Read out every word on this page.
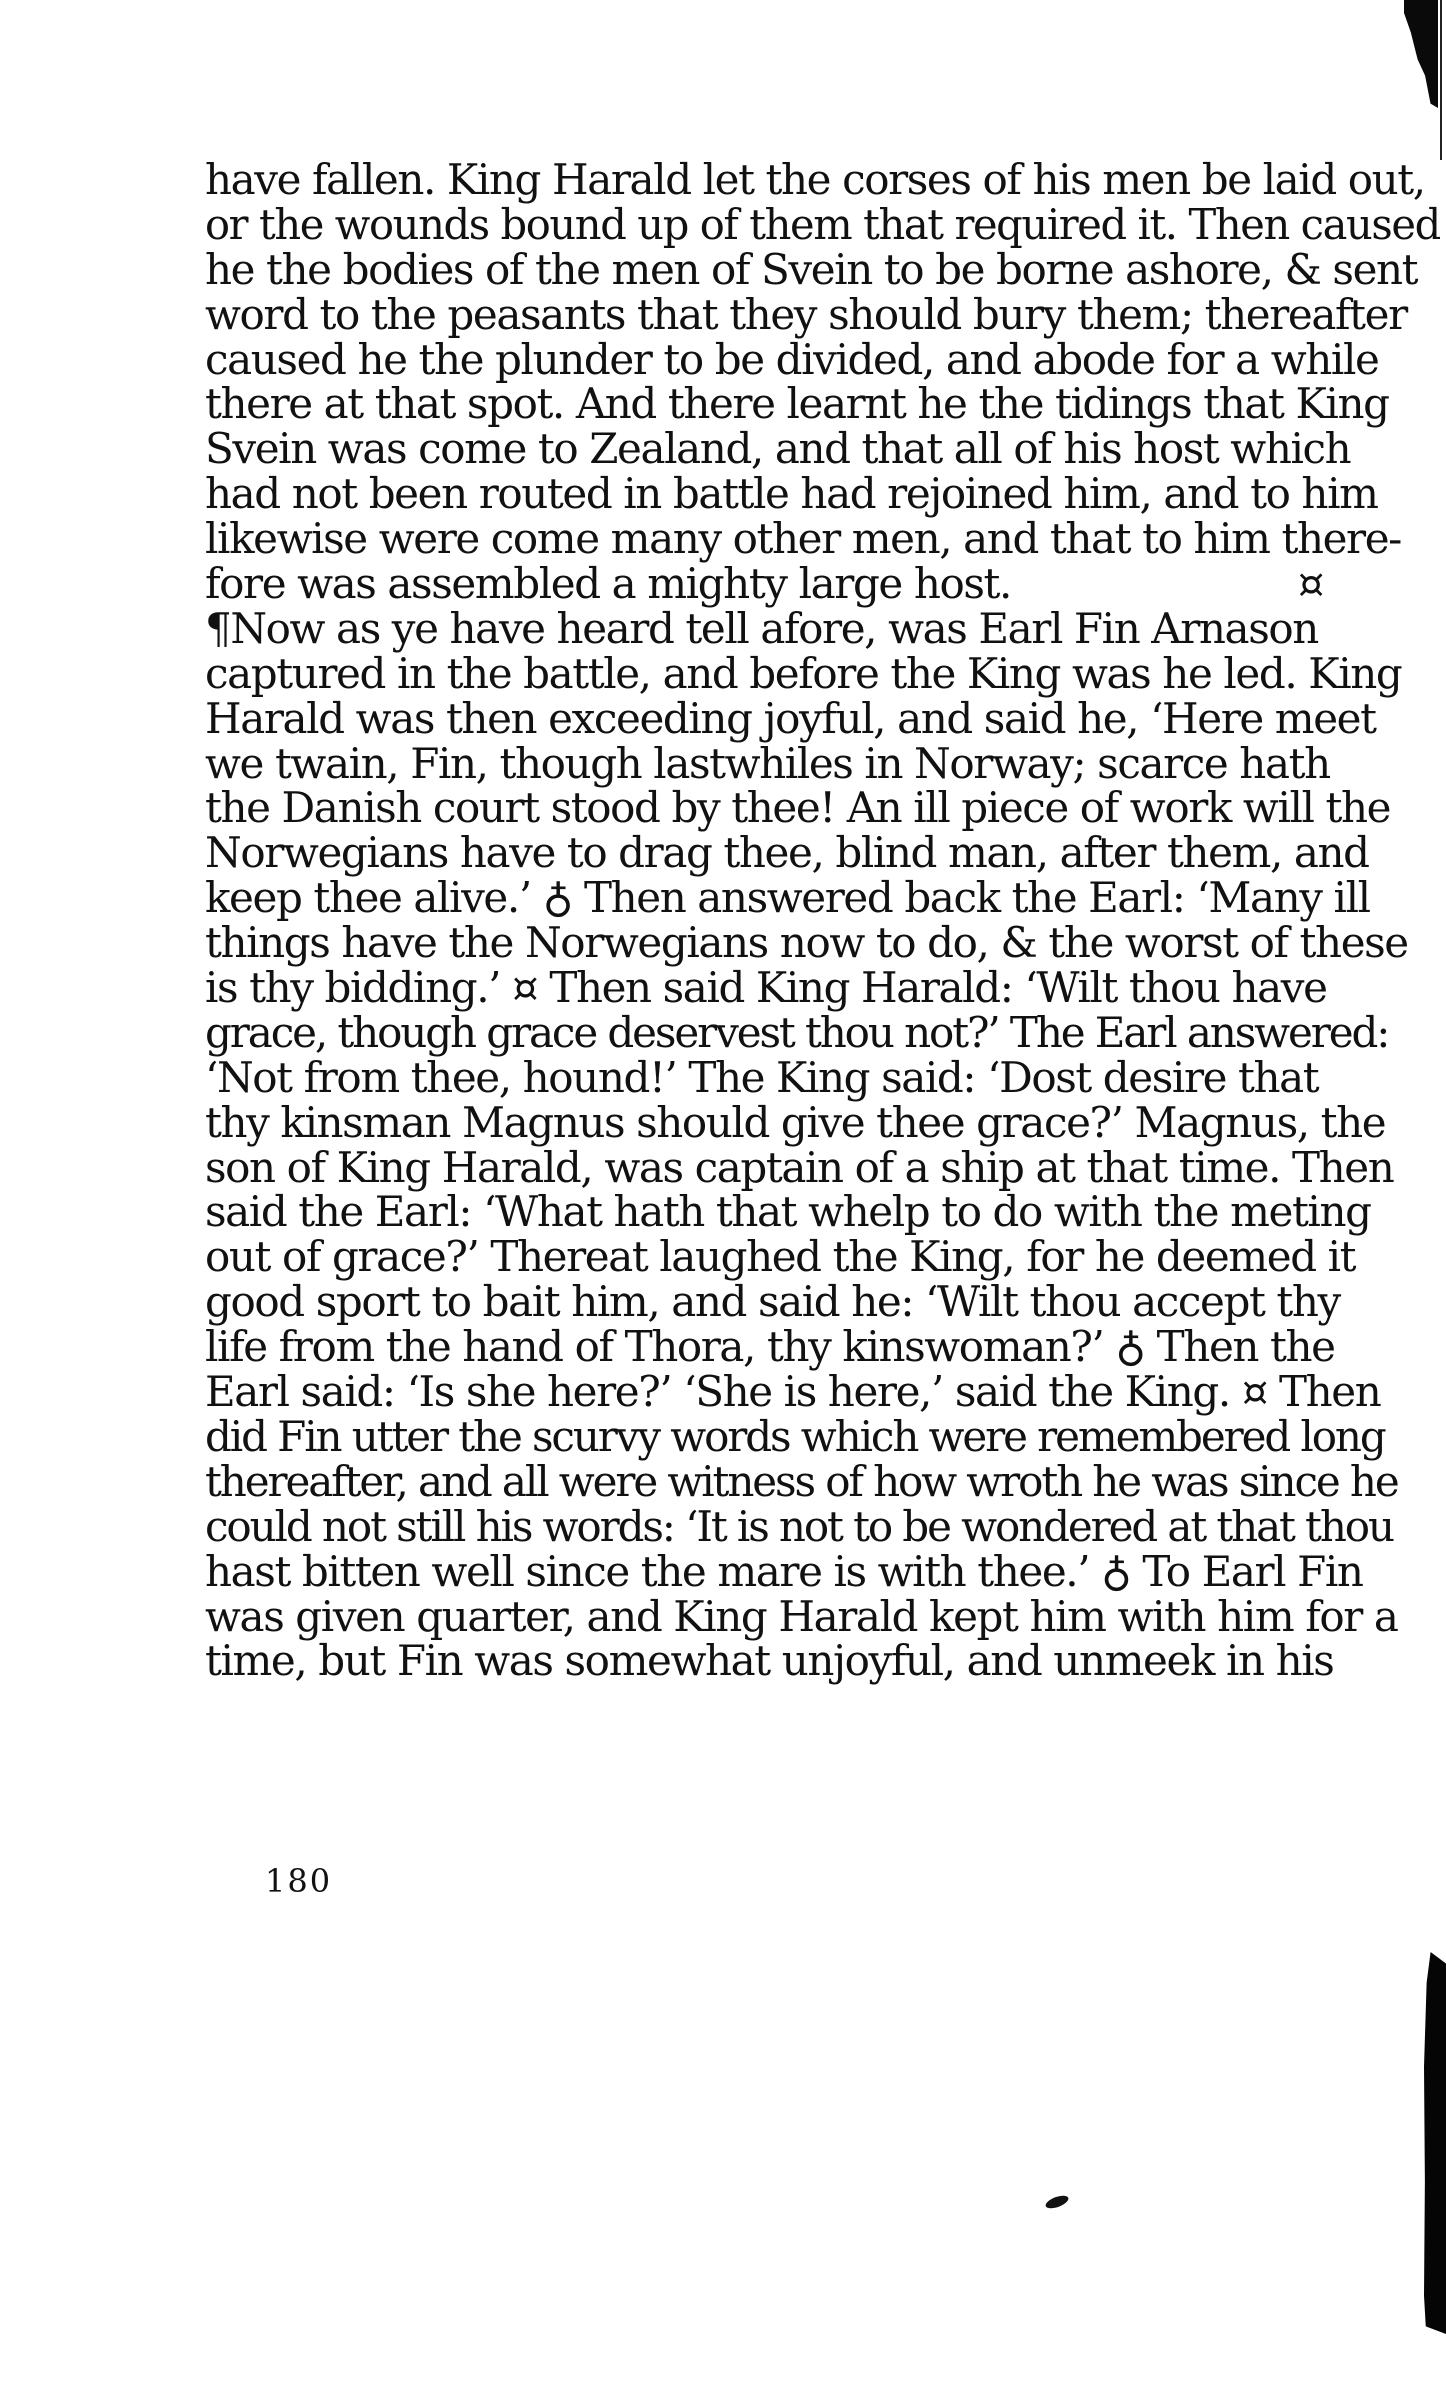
have fallen. King Harald let the corses of his men be laid out,
or the wounds bound up of them that required it. Then caused
he the bodies of the men of Svein to be borne ashore, & sent
word to the peasants that they should bury them; thereafter
caused he the plunder to be divided, and abode for a while
there at that spot. And there learnt he the tidings that King
Svein was come to Zealand, and that all of his host which
had not been routed in battle had rejoined him, and to him
likewise were come many other men, and that to him there-
fore was assembled a mighty large host.                        ¤
¶Now as ye have heard tell afore, was Earl Fin Arnason
captured in the battle, and before the King was he led. King
Harald was then exceeding joyful, and said he, ‘Here meet
we twain, Fin, though lastwhiles in Norway; scarce hath
the Danish court stood by thee! An ill piece of work will the
Norwegians have to drag thee, blind man, after them, and
keep thee alive.’ ♁ Then answered back the Earl: ‘Many ill
things have the Norwegians now to do, & the worst of these
is thy bidding.’ ¤ Then said King Harald: ‘Wilt thou have
grace, though grace deservest thou not?’ The Earl answered:
‘Not from thee, hound!’ The King said: ‘Dost desire that
thy kinsman Magnus should give thee grace?’ Magnus, the
son of King Harald, was captain of a ship at that time. Then
said the Earl: ‘What hath that whelp to do with the meting
out of grace?’ Thereat laughed the King, for he deemed it
good sport to bait him, and said he: ‘Wilt thou accept thy
life from the hand of Thora, thy kinswoman?’ ♁ Then the
Earl said: ‘Is she here?’ ‘She is here,’ said the King. ¤ Then
did Fin utter the scurvy words which were remembered long
thereafter, and all were witness of how wroth he was since he
could not still his words: ‘It is not to be wondered at that thou
hast bitten well since the mare is with thee.’ ♁ To Earl Fin
was given quarter, and King Harald kept him with him for a
time, but Fin was somewhat unjoyful, and unmeek in his
180
